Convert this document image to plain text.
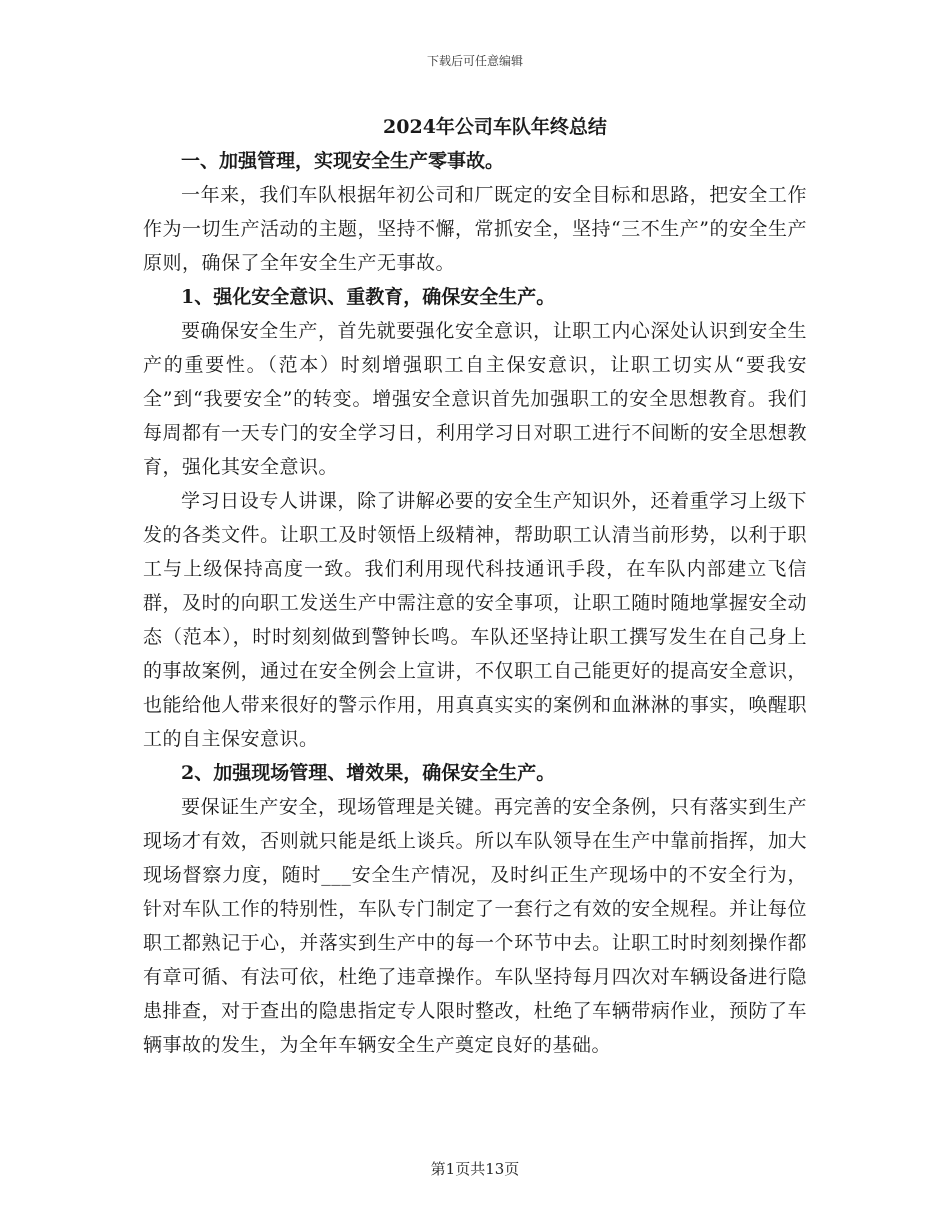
下载后可任意编辑
2024年公司车队年终总结

一、加强管理，实现安全生产零事故。

一年来，我们车队根据年初公司和厂既定的安全目标和思路，把安全工作作为一切生产活动的主题，坚持不懈，常抓安全，坚持“三不生产”的安全生产原则，确保了全年安全生产无事故。

1、强化安全意识、重教育，确保安全生产。

要确保安全生产，首先就要强化安全意识，让职工内心深处认识到安全生产的重要性。（范本）时刻增强职工自主保安意识，让职工切实从“要我安全”到“我要安全”的转变。增强安全意识首先加强职工的安全思想教育。我们每周都有一天专门的安全学习日，利用学习日对职工进行不间断的安全思想教育，强化其安全意识。

学习日设专人讲课，除了讲解必要的安全生产知识外，还着重学习上级下发的各类文件。让职工及时领悟上级精神，帮助职工认清当前形势，以利于职工与上级保持高度一致。我们利用现代科技通讯手段，在车队内部建立飞信群，及时的向职工发送生产中需注意的安全事项，让职工随时随地掌握安全动态（范本），时时刻刻做到警钟长鸣。车队还坚持让职工撰写发生在自己身上的事故案例，通过在安全例会上宣讲，不仅职工自己能更好的提高安全意识，也能给他人带来很好的警示作用，用真真实实的案例和血淋淋的事实，唤醒职工的自主保安意识。

2、加强现场管理、增效果，确保安全生产。

要保证生产安全，现场管理是关键。再完善的安全条例，只有落实到生产现场才有效，否则就只能是纸上谈兵。所以车队领导在生产中靠前指挥，加大现场督察力度，随时___安全生产情况，及时纠正生产现场中的不安全行为，针对车队工作的特别性，车队专门制定了一套行之有效的安全规程。并让每位职工都熟记于心，并落实到生产中的每一个环节中去。让职工时时刻刻操作都有章可循、有法可依，杜绝了违章操作。车队坚持每月四次对车辆设备进行隐患排查，对于查出的隐患指定专人限时整改，杜绝了车辆带病作业，预防了车辆事故的发生，为全年车辆安全生产奠定良好的基础。

第1页共13页
